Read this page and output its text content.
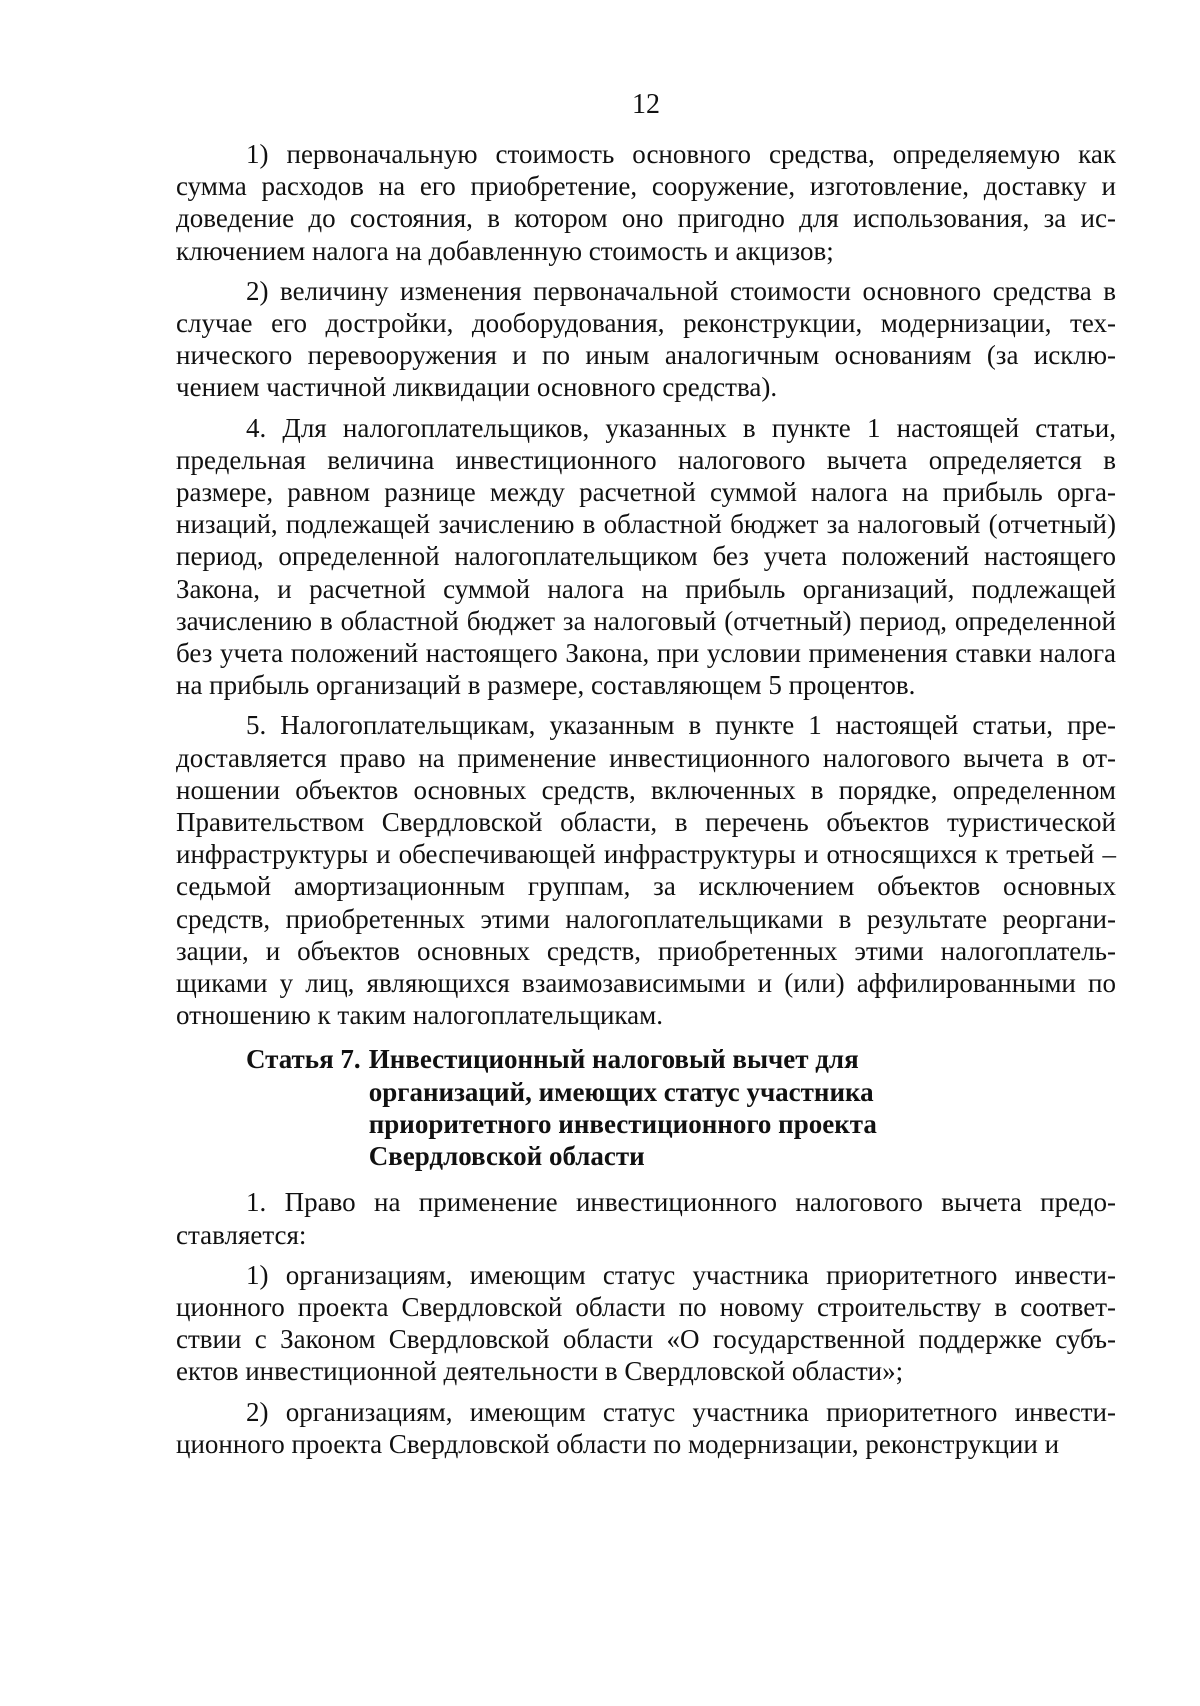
12

1) первоначальную стоимость основного средства, определяемую как сумма расходов на его приобретение, сооружение, изготовление, доставку и доведение до состояния, в котором оно пригодно для использования, за исключением налога на добавленную стоимость и акцизов;

2) величину изменения первоначальной стоимости основного средства в случае его достройки, дооборудования, реконструкции, модернизации, технического перевооружения и по иным аналогичным основаниям (за исключением частичной ликвидации основного средства).

4. Для налогоплательщиков, указанных в пункте 1 настоящей статьи, предельная величина инвестиционного налогового вычета определяется в размере, равном разнице между расчетной суммой налога на прибыль организаций, подлежащей зачислению в областной бюджет за налоговый (отчетный) период, определенной налогоплательщиком без учета положений настоящего Закона, и расчетной суммой налога на прибыль организаций, подлежащей зачислению в областной бюджет за налоговый (отчетный) период, определенной без учета положений настоящего Закона, при условии применения ставки налога на прибыль организаций в размере, составляющем 5 процентов.

5. Налогоплательщикам, указанным в пункте 1 настоящей статьи, предоставляется право на применение инвестиционного налогового вычета в отношении объектов основных средств, включенных в порядке, определенном Правительством Свердловской области, в перечень объектов туристической инфраструктуры и обеспечивающей инфраструктуры и относящихся к третьей – седьмой амортизационным группам, за исключением объектов основных средств, приобретенных этими налогоплательщиками в результате реорганизации, и объектов основных средств, приобретенных этими налогоплательщиками у лиц, являющихся взаимозависимыми и (или) аффилированными по отношению к таким налогоплательщикам.

Статья 7. Инвестиционный налоговый вычет для организаций, имеющих статус участника приоритетного инвестиционного проекта Свердловской области

1. Право на применение инвестиционного налогового вычета предоставляется:

1) организациям, имеющим статус участника приоритетного инвестиционного проекта Свердловской области по новому строительству в соответствии с Законом Свердловской области «О государственной поддержке субъектов инвестиционной деятельности в Свердловской области»;

2) организациям, имеющим статус участника приоритетного инвестиционного проекта Свердловской области по модернизации, реконструкции и
